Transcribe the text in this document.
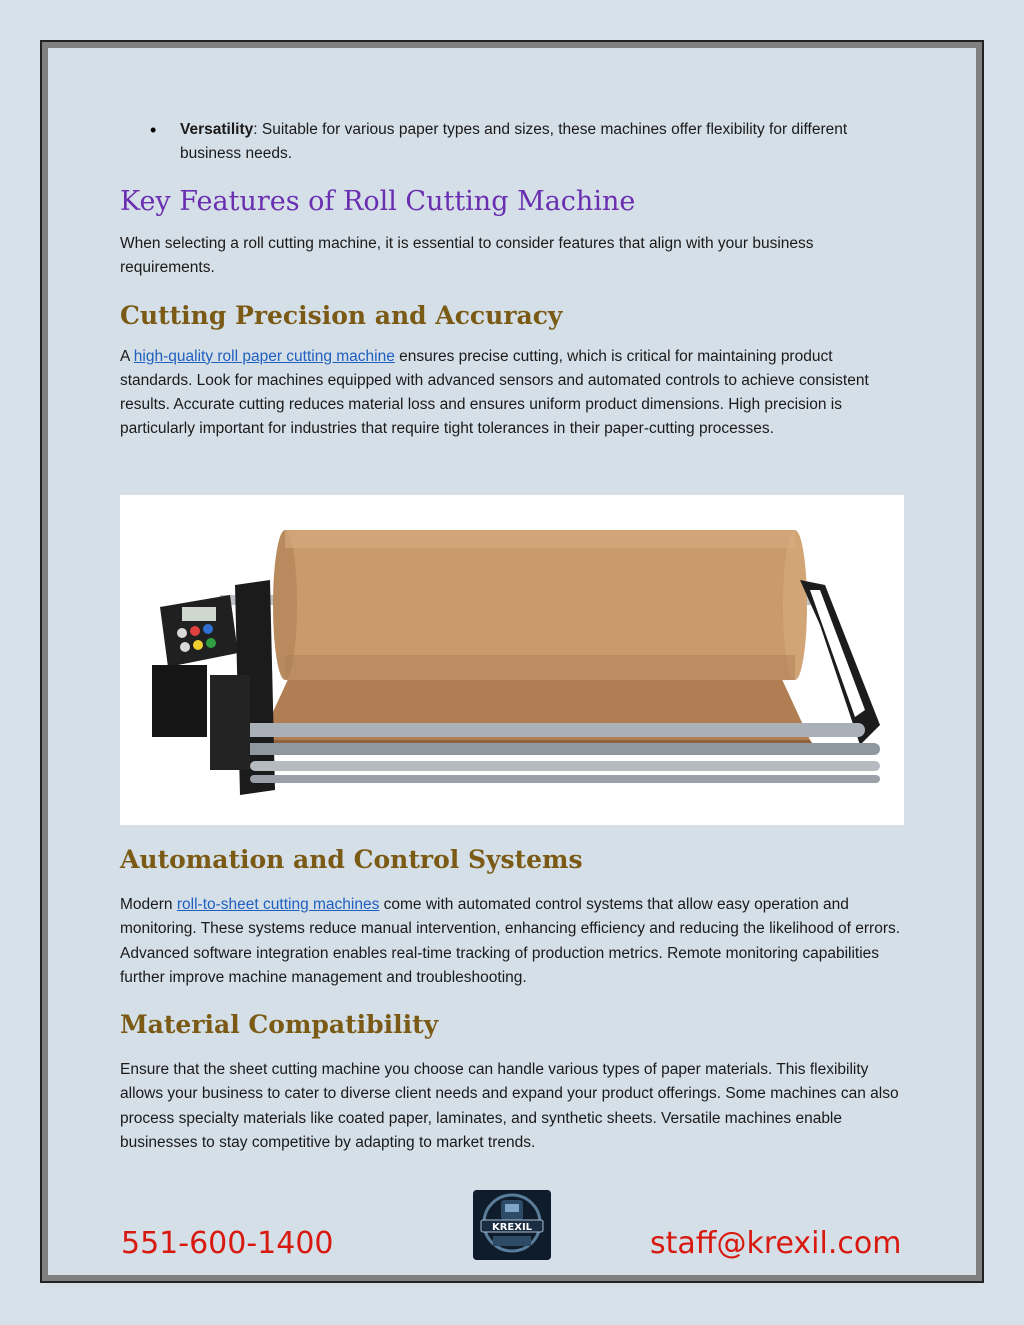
•	Versatility: Suitable for various paper types and sizes, these machines offer flexibility for different business needs.
Key Features of Roll Cutting Machine

When selecting a roll cutting machine, it is essential to consider features that align with your business requirements.

Cutting Precision and Accuracy

A high-quality roll paper cutting machine ensures precise cutting, which is critical for maintaining product standards. Look for machines equipped with advanced sensors and automated controls to achieve consistent results. Accurate cutting reduces material loss and ensures uniform product dimensions. High precision is particularly important for industries that require tight tolerances in their paper-cutting processes.

Automation and Control Systems

Modern roll-to-sheet cutting machines come with automated control systems that allow easy operation and monitoring. These systems reduce manual intervention, enhancing efficiency and reducing the likelihood of errors. Advanced software integration enables real-time tracking of production metrics. Remote monitoring capabilities further improve machine management and troubleshooting.

Material Compatibility

Ensure that the sheet cutting machine you choose can handle various types of paper materials. This flexibility allows your business to cater to diverse client needs and expand your product offerings. Some machines can also process specialty materials like coated paper, laminates, and synthetic sheets. Versatile machines enable businesses to stay competitive by adapting to market trends.

KREXIL
551-600-1400	staff@krexil.com
